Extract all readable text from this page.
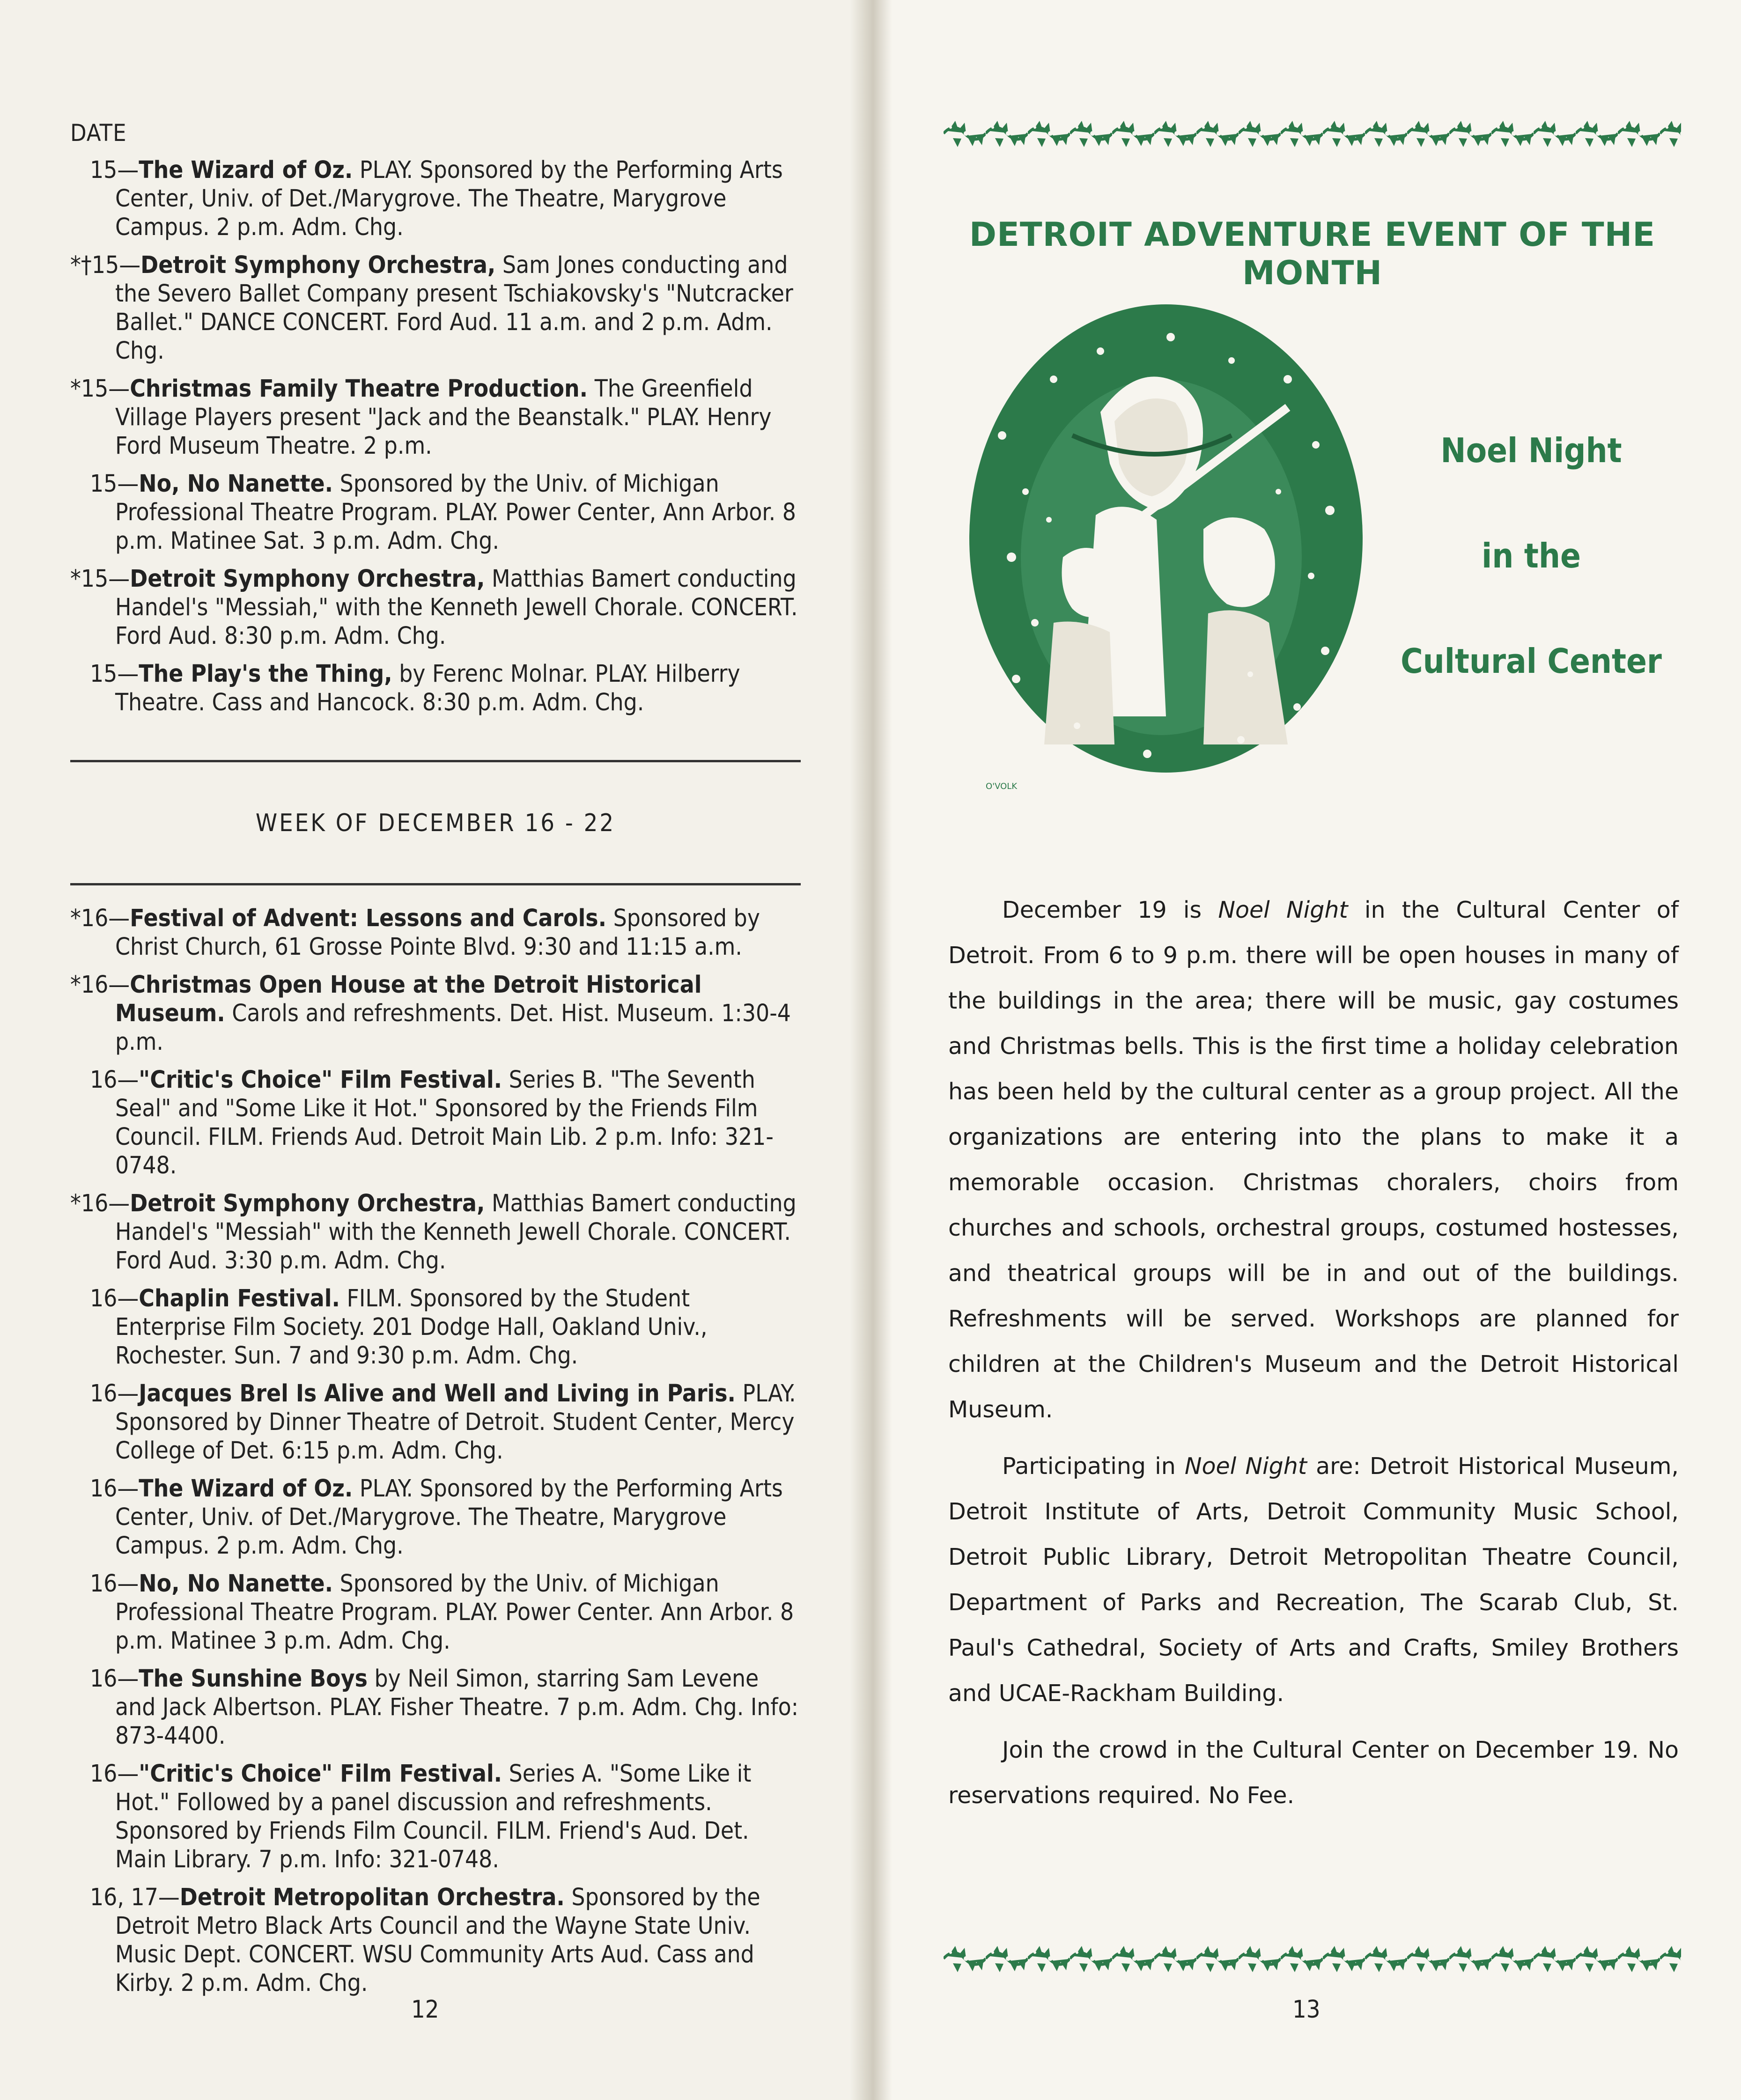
DATE
15—The Wizard of Oz. PLAY. Sponsored by the Performing Arts Center, Univ. of Det./Marygrove. The Theatre, Marygrove Campus. 2 p.m. Adm. Chg.
*†15—Detroit Symphony Orchestra, Sam Jones conducting and the Severo Ballet Company present Tschiakovsky's "Nutcracker Ballet." DANCE CONCERT. Ford Aud. 11 a.m. and 2 p.m. Adm. Chg.
*15—Christmas Family Theatre Production. The Greenfield Village Players present "Jack and the Beanstalk." PLAY. Henry Ford Museum Theatre. 2 p.m.
15—No, No Nanette. Sponsored by the Univ. of Michigan Professional Theatre Program. PLAY. Power Center, Ann Arbor. 8 p.m. Matinee Sat. 3 p.m. Adm. Chg.
*15—Detroit Symphony Orchestra, Matthias Bamert conducting Handel's "Messiah," with the Kenneth Jewell Chorale. CONCERT. Ford Aud. 8:30 p.m. Adm. Chg.
15—The Play's the Thing, by Ferenc Molnar. PLAY. Hilberry Theatre. Cass and Hancock. 8:30 p.m. Adm. Chg.
WEEK OF DECEMBER 16 - 22
*16—Festival of Advent: Lessons and Carols. Sponsored by Christ Church, 61 Grosse Pointe Blvd. 9:30 and 11:15 a.m.
*16—Christmas Open House at the Detroit Historical Museum. Carols and refreshments. Det. Hist. Museum. 1:30-4 p.m.
16—"Critic's Choice" Film Festival. Series B. "The Seventh Seal" and "Some Like it Hot." Sponsored by the Friends Film Council. FILM. Friends Aud. Detroit Main Lib. 2 p.m. Info: 321-0748.
*16—Detroit Symphony Orchestra, Matthias Bamert conducting Handel's "Messiah" with the Kenneth Jewell Chorale. CONCERT. Ford Aud. 3:30 p.m. Adm. Chg.
16—Chaplin Festival. FILM. Sponsored by the Student Enterprise Film Society. 201 Dodge Hall, Oakland Univ., Rochester. Sun. 7 and 9:30 p.m. Adm. Chg.
16—Jacques Brel Is Alive and Well and Living in Paris. PLAY. Sponsored by Dinner Theatre of Detroit. Student Center, Mercy College of Det. 6:15 p.m. Adm. Chg.
16—The Wizard of Oz. PLAY. Sponsored by the Performing Arts Center, Univ. of Det./Marygrove. The Theatre, Marygrove Campus. 2 p.m. Adm. Chg.
16—No, No Nanette. Sponsored by the Univ. of Michigan Professional Theatre Program. PLAY. Power Center. Ann Arbor. 8 p.m. Matinee 3 p.m. Adm. Chg.
16—The Sunshine Boys by Neil Simon, starring Sam Levene and Jack Albertson. PLAY. Fisher Theatre. 7 p.m. Adm. Chg. Info: 873-4400.
16—"Critic's Choice" Film Festival. Series A. "Some Like it Hot." Followed by a panel discussion and refreshments. Sponsored by Friends Film Council. FILM. Friend's Aud. Det. Main Library. 7 p.m. Info: 321-0748.
16, 17—Detroit Metropolitan Orchestra. Sponsored by the Detroit Metro Black Arts Council and the Wayne State Univ. Music Dept. CONCERT. WSU Community Arts Aud. Cass and Kirby. 2 p.m. Adm. Chg.
12
DETROIT ADVENTURE EVENT OF THE MONTH
O'VOLK
Noel Night
in the
Cultural Center

December 19 is Noel Night in the Cultural Center of Detroit. From 6 to 9 p.m. there will be open houses in many of the buildings in the area; there will be music, gay costumes and Christmas bells. This is the first time a holiday celebration has been held by the cultural center as a group project. All the organizations are entering into the plans to make it a memorable occasion. Christmas choralers, choirs from churches and schools, orchestral groups, costumed hostesses, and theatrical groups will be in and out of the buildings. Refreshments will be served. Workshops are planned for children at the Children's Museum and the Detroit Historical Museum.

Participating in Noel Night are: Detroit Historical Museum, Detroit Institute of Arts, Detroit Community Music School, Detroit Public Library, Detroit Metropolitan Theatre Council, Department of Parks and Recreation, The Scarab Club, St. Paul's Cathedral, Society of Arts and Crafts, Smiley Brothers and UCAE-Rackham Building.

Join the crowd in the Cultural Center on December 19. No reservations required. No Fee.

13
